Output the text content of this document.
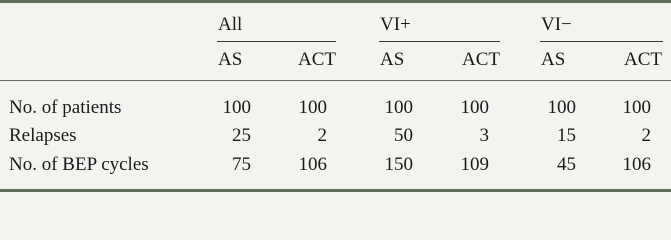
All	VI+	VI−
AS	ACT AS	ACT AS	ACT
No. of patients	100	100	100	100	100	100
Relapses	25	2	50	3	15	2
No. of BEP cycles	75	106	150	109	45	106
